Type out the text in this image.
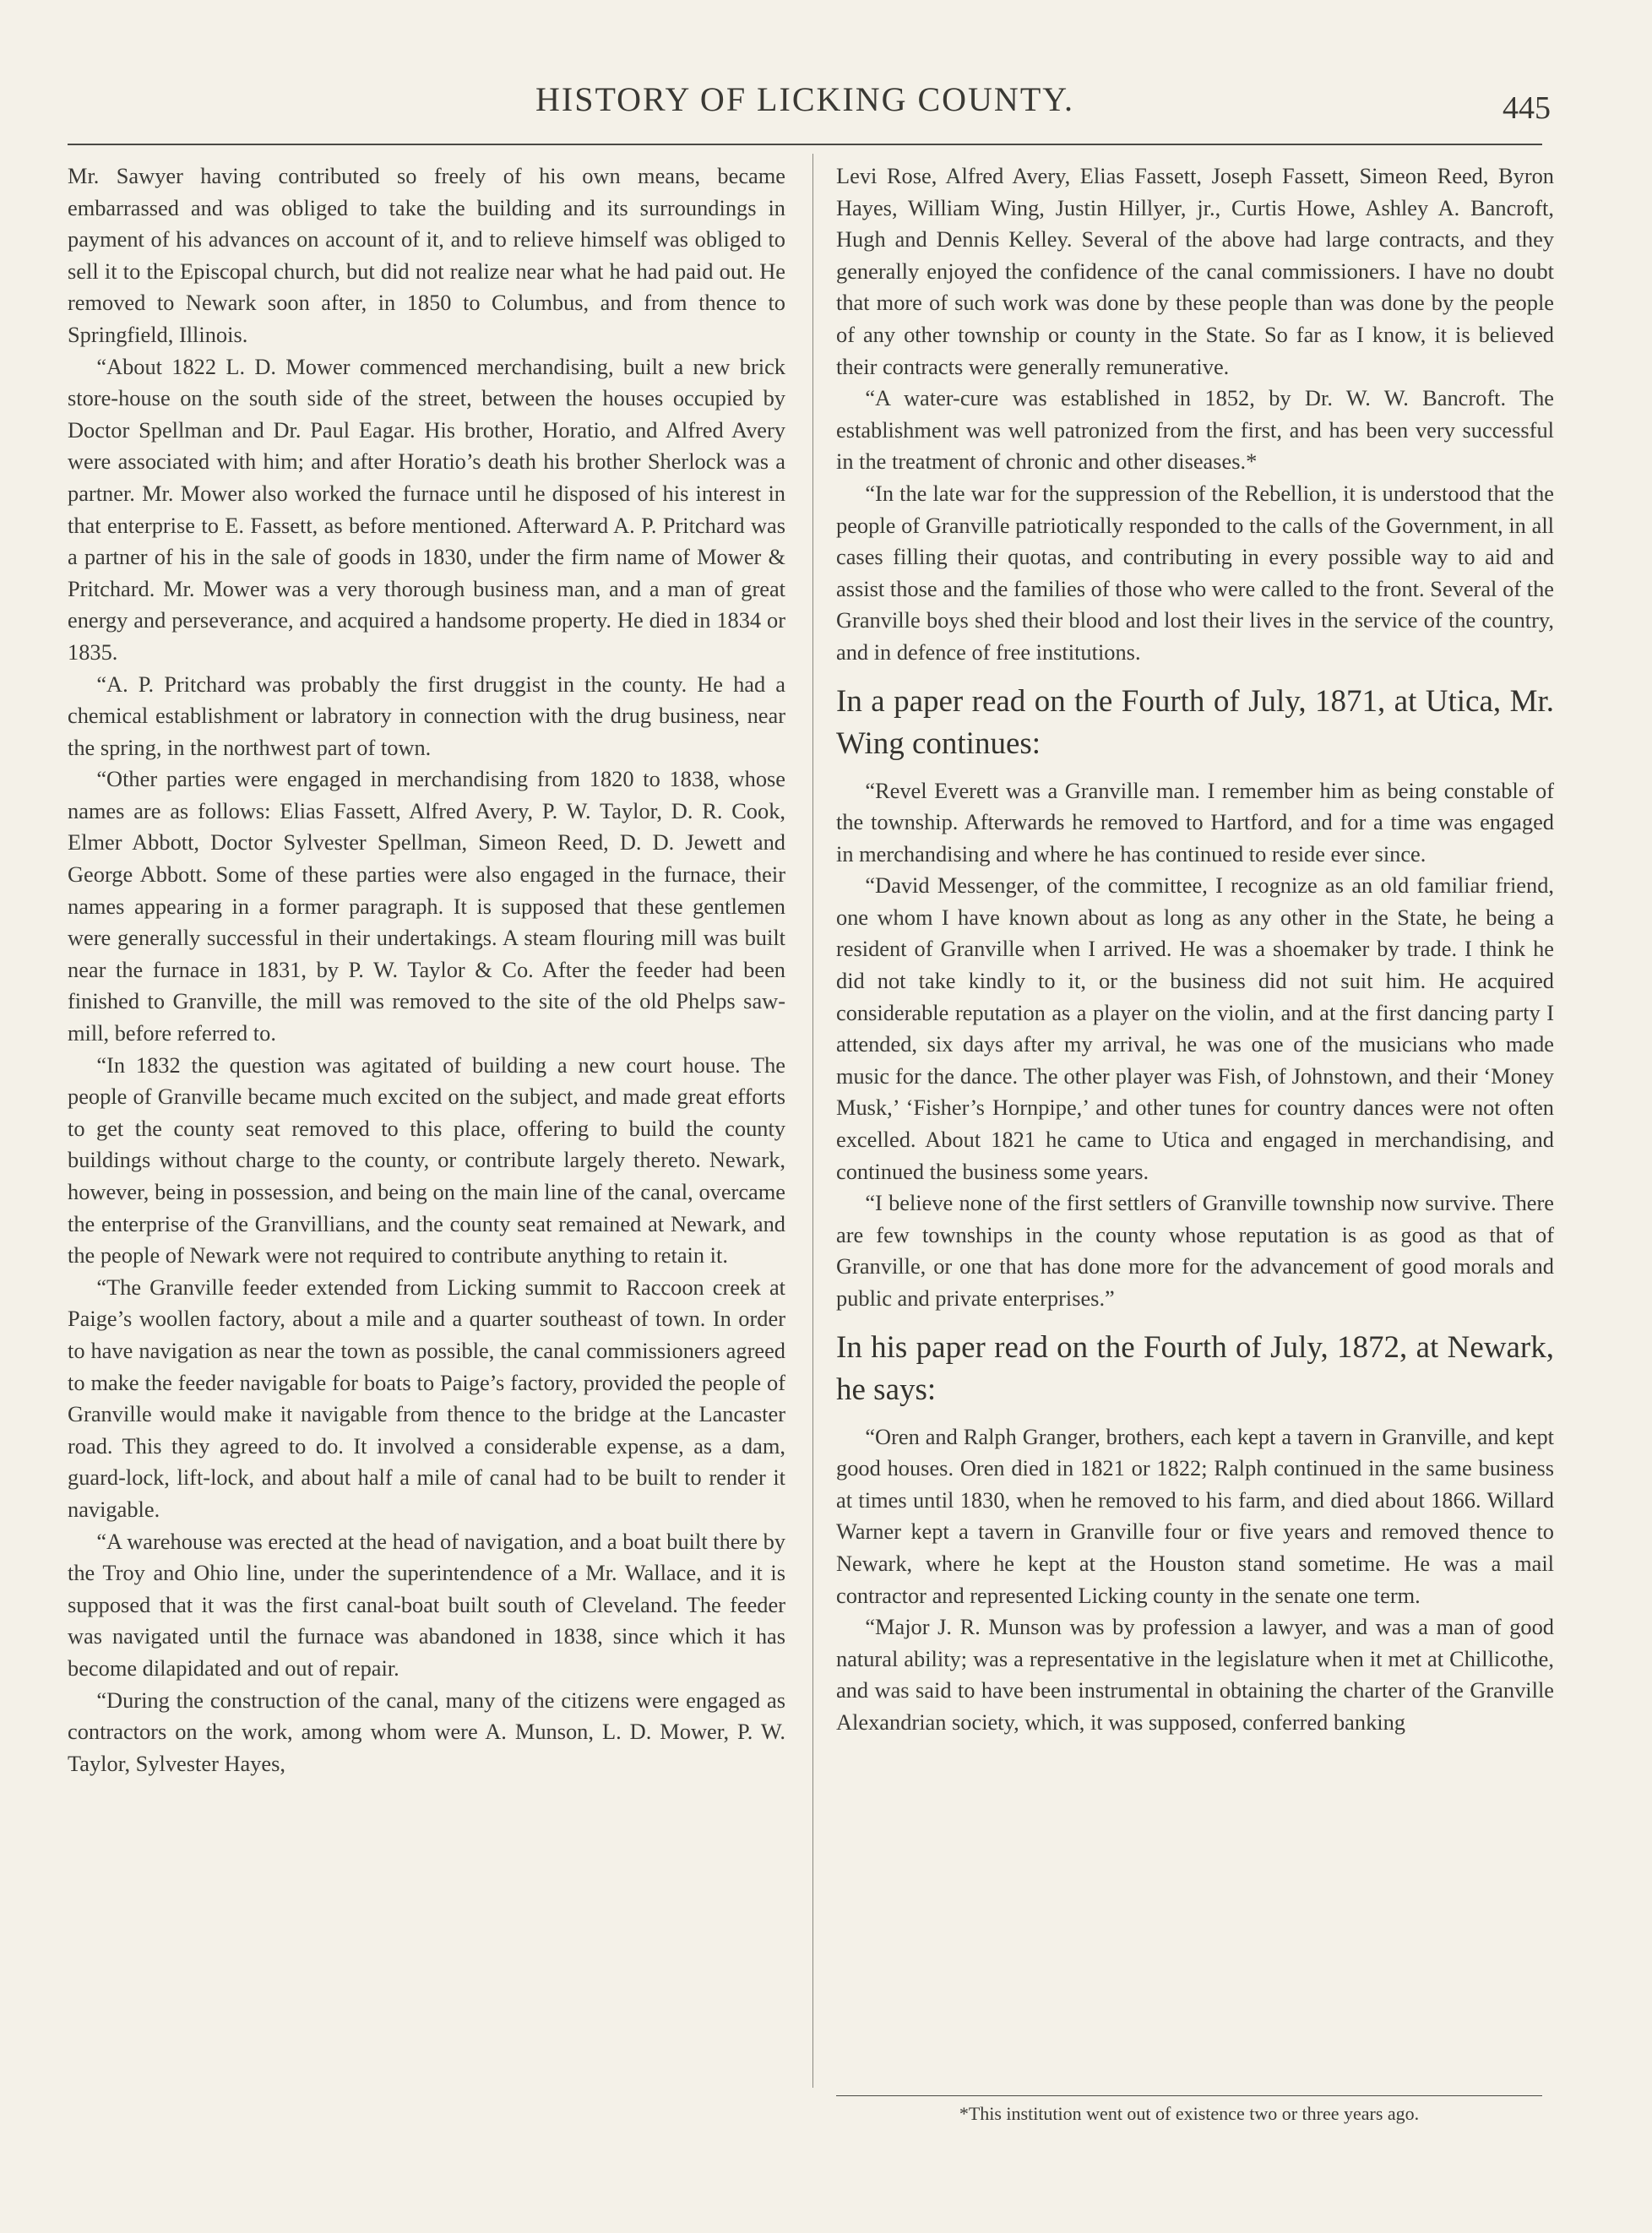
HISTORY OF LICKING COUNTY.	445

Mr. Sawyer having contributed so freely of his own means, became embarrassed and was obliged to take the building and its surroundings in payment of his advances on account of it, and to relieve himself was obliged to sell it to the Episcopal church, but did not realize near what he had paid out. He removed to Newark soon after, in 1850 to Columbus, and from thence to Springfield, Illinois.

“About 1822 L. D. Mower commenced merchandising, built a new brick store-house on the south side of the street, between the houses occupied by Doctor Spellman and Dr. Paul Eagar. His brother, Horatio, and Alfred Avery were associated with him; and after Horatio’s death his brother Sherlock was a partner. Mr. Mower also worked the furnace until he disposed of his interest in that enterprise to E. Fassett, as before mentioned. Afterward A. P. Pritchard was a partner of his in the sale of goods in 1830, under the firm name of Mower & Pritchard. Mr. Mower was a very thorough business man, and a man of great energy and perseverance, and acquired a handsome property. He died in 1834 or 1835.

“A. P. Pritchard was probably the first druggist in the county. He had a chemical establishment or labratory in connection with the drug business, near the spring, in the northwest part of town.

“Other parties were engaged in merchandising from 1820 to 1838, whose names are as follows: Elias Fassett, Alfred Avery, P. W. Taylor, D. R. Cook, Elmer Abbott, Doctor Sylvester Spellman, Simeon Reed, D. D. Jewett and George Abbott. Some of these parties were also engaged in the furnace, their names appearing in a former paragraph. It is supposed that these gentlemen were generally successful in their undertakings. A steam flouring mill was built near the furnace in 1831, by P. W. Taylor & Co. After the feeder had been finished to Granville, the mill was removed to the site of the old Phelps saw-mill, before referred to.

“In 1832 the question was agitated of building a new court house. The people of Granville became much excited on the subject, and made great efforts to get the county seat removed to this place, offering to build the county buildings without charge to the county, or contribute largely thereto. Newark, however, being in possession, and being on the main line of the canal, overcame the enterprise of the Granvillians, and the county seat remained at Newark, and the people of Newark were not required to contribute anything to retain it.

“The Granville feeder extended from Licking summit to Raccoon creek at Paige’s woollen factory, about a mile and a quarter southeast of town. In order to have navigation as near the town as possible, the canal commissioners agreed to make the feeder navigable for boats to Paige’s factory, provided the people of Granville would make it navigable from thence to the bridge at the Lancaster road. This they agreed to do. It involved a considerable expense, as a dam, guard-lock, lift-lock, and about half a mile of canal had to be built to render it navigable.

“A warehouse was erected at the head of navigation, and a boat built there by the Troy and Ohio line, under the superintendence of a Mr. Wallace, and it is supposed that it was the first canal-boat built south of Cleveland. The feeder was navigated until the furnace was abandoned in 1838, since which it has become dilapidated and out of repair.

“During the construction of the canal, many of the citizens were engaged as contractors on the work, among whom were A. Munson, L. D. Mower, P. W. Taylor, Sylvester Hayes,

Levi Rose, Alfred Avery, Elias Fassett, Joseph Fassett, Simeon Reed, Byron Hayes, William Wing, Justin Hillyer, jr., Curtis Howe, Ashley A. Bancroft, Hugh and Dennis Kelley. Several of the above had large contracts, and they generally enjoyed the confidence of the canal commissioners. I have no doubt that more of such work was done by these people than was done by the people of any other township or county in the State. So far as I know, it is believed their contracts were generally remunerative.

“A water-cure was established in 1852, by Dr. W. W. Bancroft. The establishment was well patronized from the first, and has been very successful in the treatment of chronic and other diseases.*

“In the late war for the suppression of the Rebellion, it is understood that the people of Granville patriotically responded to the calls of the Government, in all cases filling their quotas, and contributing in every possible way to aid and assist those and the families of those who were called to the front. Several of the Granville boys shed their blood and lost their lives in the service of the country, and in defence of free institutions.

In a paper read on the Fourth of July, 1871, at Utica, Mr. Wing continues:

“Revel Everett was a Granville man. I remember him as being constable of the township. Afterwards he removed to Hartford, and for a time was engaged in merchandising and where he has continued to reside ever since.

“David Messenger, of the committee, I recognize as an old familiar friend, one whom I have known about as long as any other in the State, he being a resident of Granville when I arrived. He was a shoemaker by trade. I think he did not take kindly to it, or the business did not suit him. He acquired considerable reputation as a player on the violin, and at the first dancing party I attended, six days after my arrival, he was one of the musicians who made music for the dance. The other player was Fish, of Johnstown, and their ‘Money Musk,’ ‘Fisher’s Hornpipe,’ and other tunes for country dances were not often excelled. About 1821 he came to Utica and engaged in merchandising, and continued the business some years.

“I believe none of the first settlers of Granville township now survive. There are few townships in the county whose reputation is as good as that of Granville, or one that has done more for the advancement of good morals and public and private enterprises.”

In his paper read on the Fourth of July, 1872, at Newark, he says:

“Oren and Ralph Granger, brothers, each kept a tavern in Granville, and kept good houses. Oren died in 1821 or 1822; Ralph continued in the same business at times until 1830, when he removed to his farm, and died about 1866. Willard Warner kept a tavern in Granville four or five years and removed thence to Newark, where he kept at the Houston stand sometime. He was a mail contractor and represented Licking county in the senate one term.

“Major J. R. Munson was by profession a lawyer, and was a man of good natural ability; was a representative in the legislature when it met at Chillicothe, and was said to have been instrumental in obtaining the charter of the Granville Alexandrian society, which, it was supposed, conferred banking

*This institution went out of existence two or three years ago.
